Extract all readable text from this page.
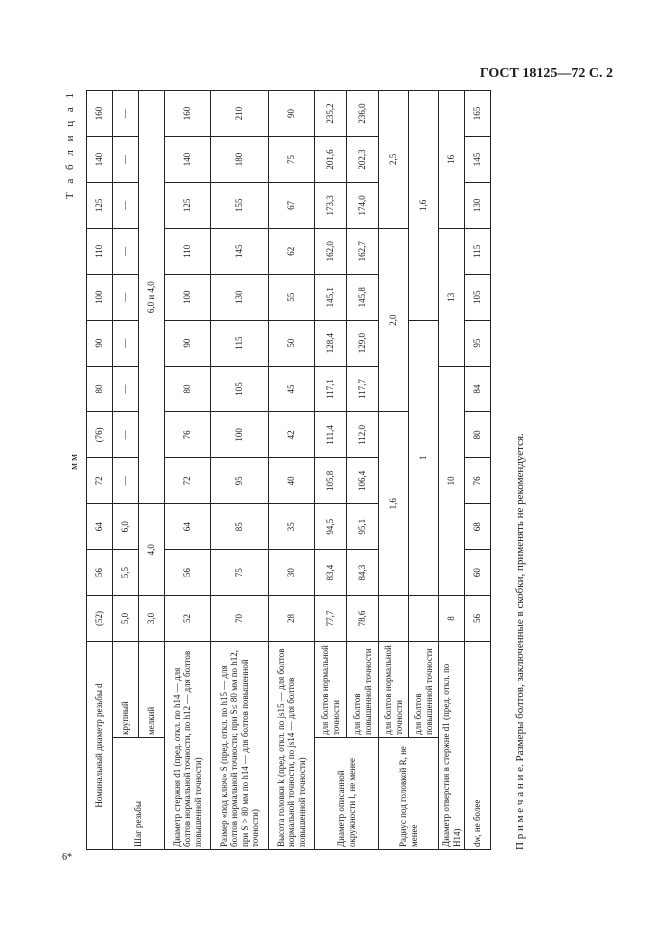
ГОСТ 18125—72 С. 2
6*
Т а б л и ц а 1
мм
Номинальный диаметр резьбы d		(52)	56	64	72	(76)	80	90	100	110	125	140	160
Шаг резьбы	крупный	5,0	5,5	6,0	—	—	—	—	—	—	—	—	—
	мелкий	3,0	4,0		6,0 и 4,0								
Диаметр стержня d1 (пред. откл. по h14 — для болтов нормальной точности, по h12 — для болтов повышенной точности)		52	56	64	72	76	80	90	100	110	125	140	160
Размер «под ключ» S (пред. откл. по h15 — для болтов нормальной точности; при S≤ 80 мм по h12, при S > 80 мм по h14 — для болтов повышенной точности)		70	75	85	95	100	105	115	130	145	155	180	210
Высота головки k (пред. откл. по js15 — для болтов нормальной точности, по js14 — для болтов повышенной точности)		28	30	35	40	42	45	50	55	62	67	75	90
Диаметр описанной окружности l, не менее	для болтов нормальной точности	77,7	83,4	94,5	105,8	111,4	117,1	128,4	145,1	162,0	173,3	201,6	235,2
	для болтов повышенной точности	78,6	84,3	95,1	106,4	112,0	117,7	129,0	145,8	162,7	174,0	202,3	236,0
Радиус под головкой R, не менее	для болтов нормальной точности		1,6				2,0				2,5		
	для болтов повышенной точности		1						1,6				
Диаметр отверстия в стержне d1 (пред. откл. по H14)		8	10					13			16		
dw, не более		56	60	68	76	80	84	95	105	115	130	145	165
П р и м е ч а н и е. Размеры болтов, заключенные в скобки, применять не рекомендуется.
